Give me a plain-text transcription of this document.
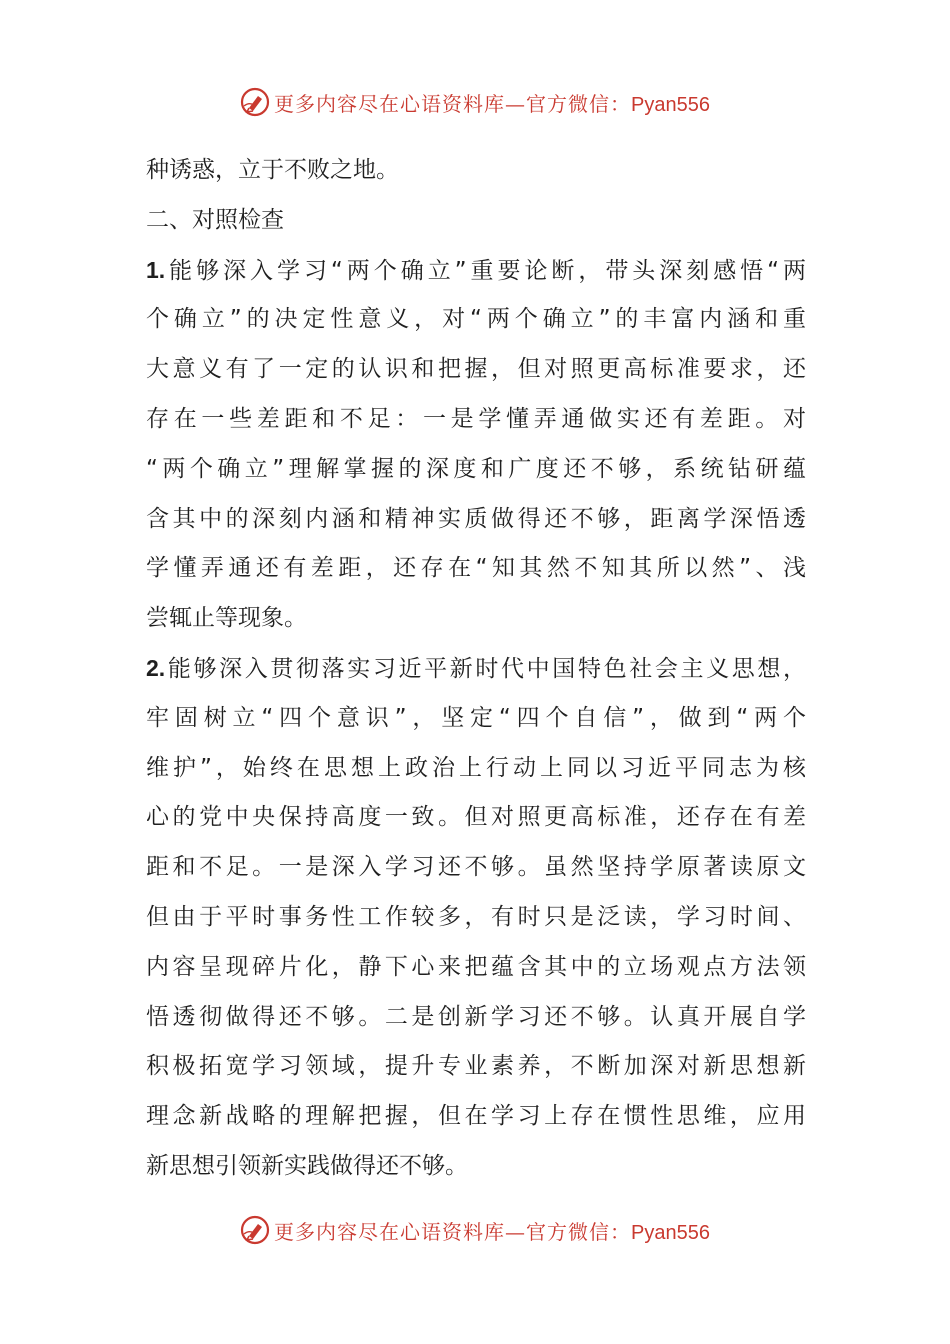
更多内容尽在心语资料库—官方微信：Pyan556
种诱惑，立于不败之地。
二、对照检查
1.能够深入学习“两个确立”重要论断，带头深刻感悟“两
个确立”的决定性意义，对“两个确立”的丰富内涵和重
大意义有了一定的认识和把握，但对照更高标准要求，还
存在一些差距和不足：一是学懂弄通做实还有差距。对
“两个确立”理解掌握的深度和广度还不够，系统钻研蕴
含其中的深刻内涵和精神实质做得还不够，距离学深悟透
学懂弄通还有差距，还存在“知其然不知其所以然”、浅
尝辄止等现象。
2.能够深入贯彻落实习近平新时代中国特色社会主义思想，
牢固树立“四个意识”，坚定“四个自信”，做到“两个
维护”，始终在思想上政治上行动上同以习近平同志为核
心的党中央保持高度一致。但对照更高标准，还存在有差
距和不足。一是深入学习还不够。虽然坚持学原著读原文
但由于平时事务性工作较多，有时只是泛读，学习时间、
内容呈现碎片化，静下心来把蕴含其中的立场观点方法领
悟透彻做得还不够。二是创新学习还不够。认真开展自学
积极拓宽学习领域，提升专业素养，不断加深对新思想新
理念新战略的理解把握，但在学习上存在惯性思维，应用
新思想引领新实践做得还不够。
更多内容尽在心语资料库—官方微信：Pyan556
